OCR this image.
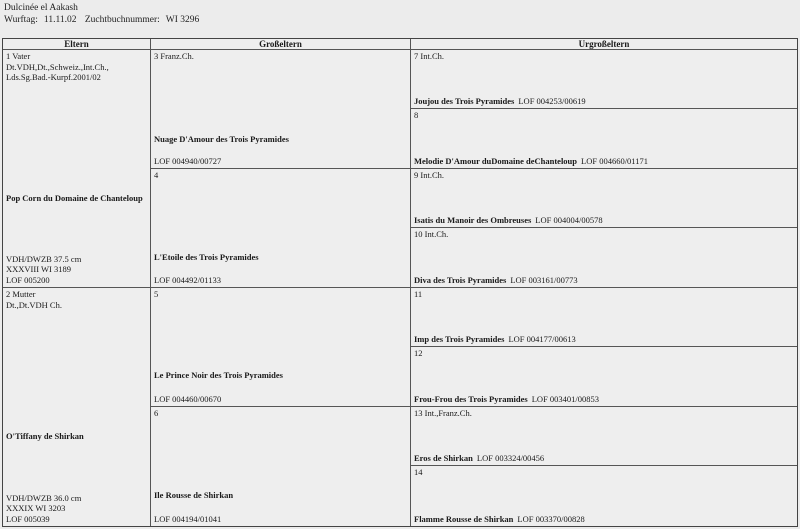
Dulcinée el Aakash
Wurftag: 11.11.02 Zuchtbuchnummer: WI 3296
Eltern	Großeltern	Urgroßeltern
1 Vater
Dt.VDH,Dt.,Schweiz.,Int.Ch.,
Lds.Sg.Bad.-Kurpf.2001/02
Pop Corn du Domaine de Chanteloup
VDH/DWZB 37.5 cm
XXXVIII WI 3189
LOF 005200
2 Mutter
Dt.,Dt.VDH Ch.
O'Tiffany de Shirkan
VDH/DWZB 36.0 cm
XXXIX WI 3203
LOF 005039
3 Franz.Ch.
Nuage D'Amour des Trois Pyramides
LOF 004940/00727
4
L'Etoile des Trois Pyramides
LOF 004492/01133
5
Le Prince Noir des Trois Pyramides
LOF 004460/00670
6
Ile Rousse de Shirkan
LOF 004194/01041
7 Int.Ch.
Joujou des Trois Pyramides LOF 004253/00619
8
Melodie D'Amour duDomaine deChanteloup LOF 004660/01171
9 Int.Ch.
Isatis du Manoir des Ombreuses LOF 004004/00578
10 Int.Ch.
Diva des Trois Pyramides LOF 003161/00773
11
Imp des Trois Pyramides LOF 004177/00613
12
Frou-Frou des Trois Pyramides LOF 003401/00853
13 Int.,Franz.Ch.
Eros de Shirkan LOF 003324/00456
14
Flamme Rousse de Shirkan LOF 003370/00828
